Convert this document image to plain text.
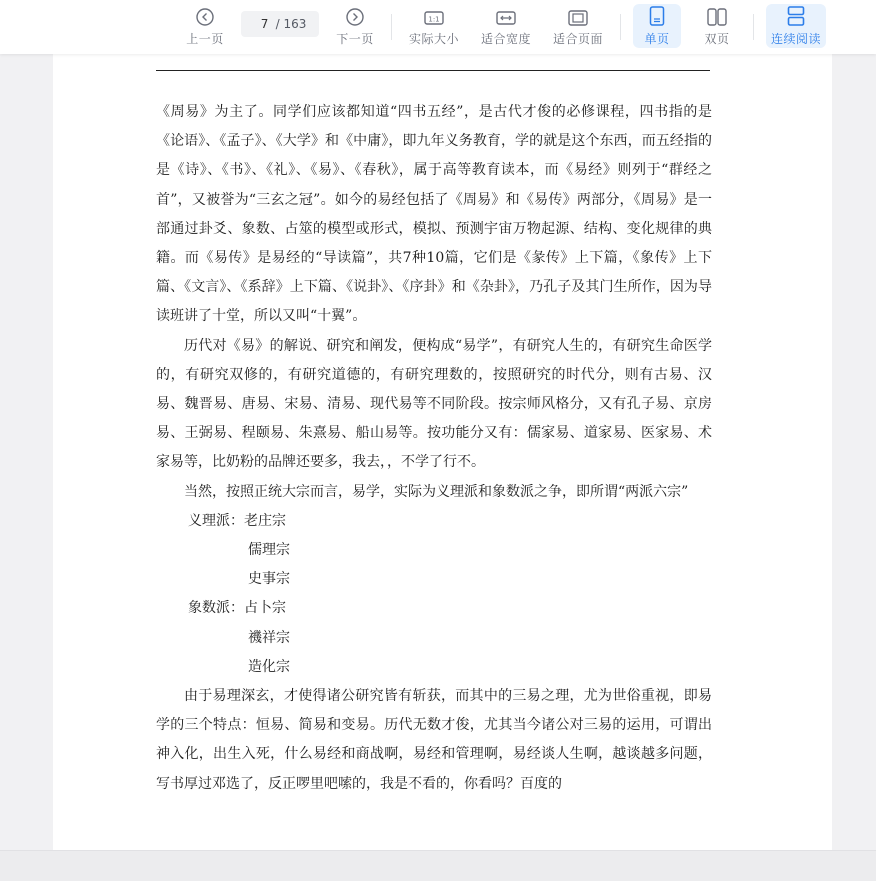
上一页
7
/ 163
下一页
1:1
实际大小 适合宽度 适合页面	单页	双页	连续阅读

《周易》为主了。同学们应该都知道“四书五经”，是古代才俊的必修课程，四书指的是《论语》、《孟子》、《大学》和《中庸》，即九年义务教育，学的就是这个东西，而五经指的是《诗》、《书》、《礼》、《易》、《春秋》，属于高等教育读本，而《易经》则列于“群经之首”，又被誉为“三玄之冠”。如今的易经包括了《周易》和《易传》两部分，《周易》是一部通过卦爻、象数、占筮的模型或形式，模拟、预测宇宙万物起源、结构、变化规律的典籍。而《易传》是易经的“导读篇”，共7种10篇，它们是《彖传》上下篇，《象传》上下篇、《文言》、《系辞》上下篇、《说卦》、《序卦》和《杂卦》，乃孔子及其门生所作，因为导读班讲了十堂，所以又叫“十翼”。

历代对《易》的解说、研究和阐发，便构成“易学”，有研究人生的，有研究生命医学的，有研究双修的，有研究道德的，有研究理数的，按照研究的时代分，则有古易、汉易、魏晋易、唐易、宋易、清易、现代易等不同阶段。按宗师风格分，又有孔子易、京房易、王弼易、程颐易、朱熹易、船山易等。按功能分又有：儒家易、道家易、医家易、术家易等，比奶粉的品牌还要多，我去，，不学了行不。

当然，按照正统大宗而言，易学，实际为义理派和象数派之争，即所谓“两派六宗”

义理派：老庄宗
儒理宗
史事宗
象数派：占卜宗
禨祥宗
造化宗

由于易理深玄，才使得诸公研究皆有斩获，而其中的三易之理，尤为世俗重视，即易学的三个特点：恒易、简易和变易。历代无数才俊，尤其当今诸公对三易的运用，可谓出神入化，出生入死，什么易经和商战啊，易经和管理啊，易经谈人生啊，越谈越多问题，写书厚过邓选了，反正啰里吧嗦的，我是不看的，你看吗？百度的
